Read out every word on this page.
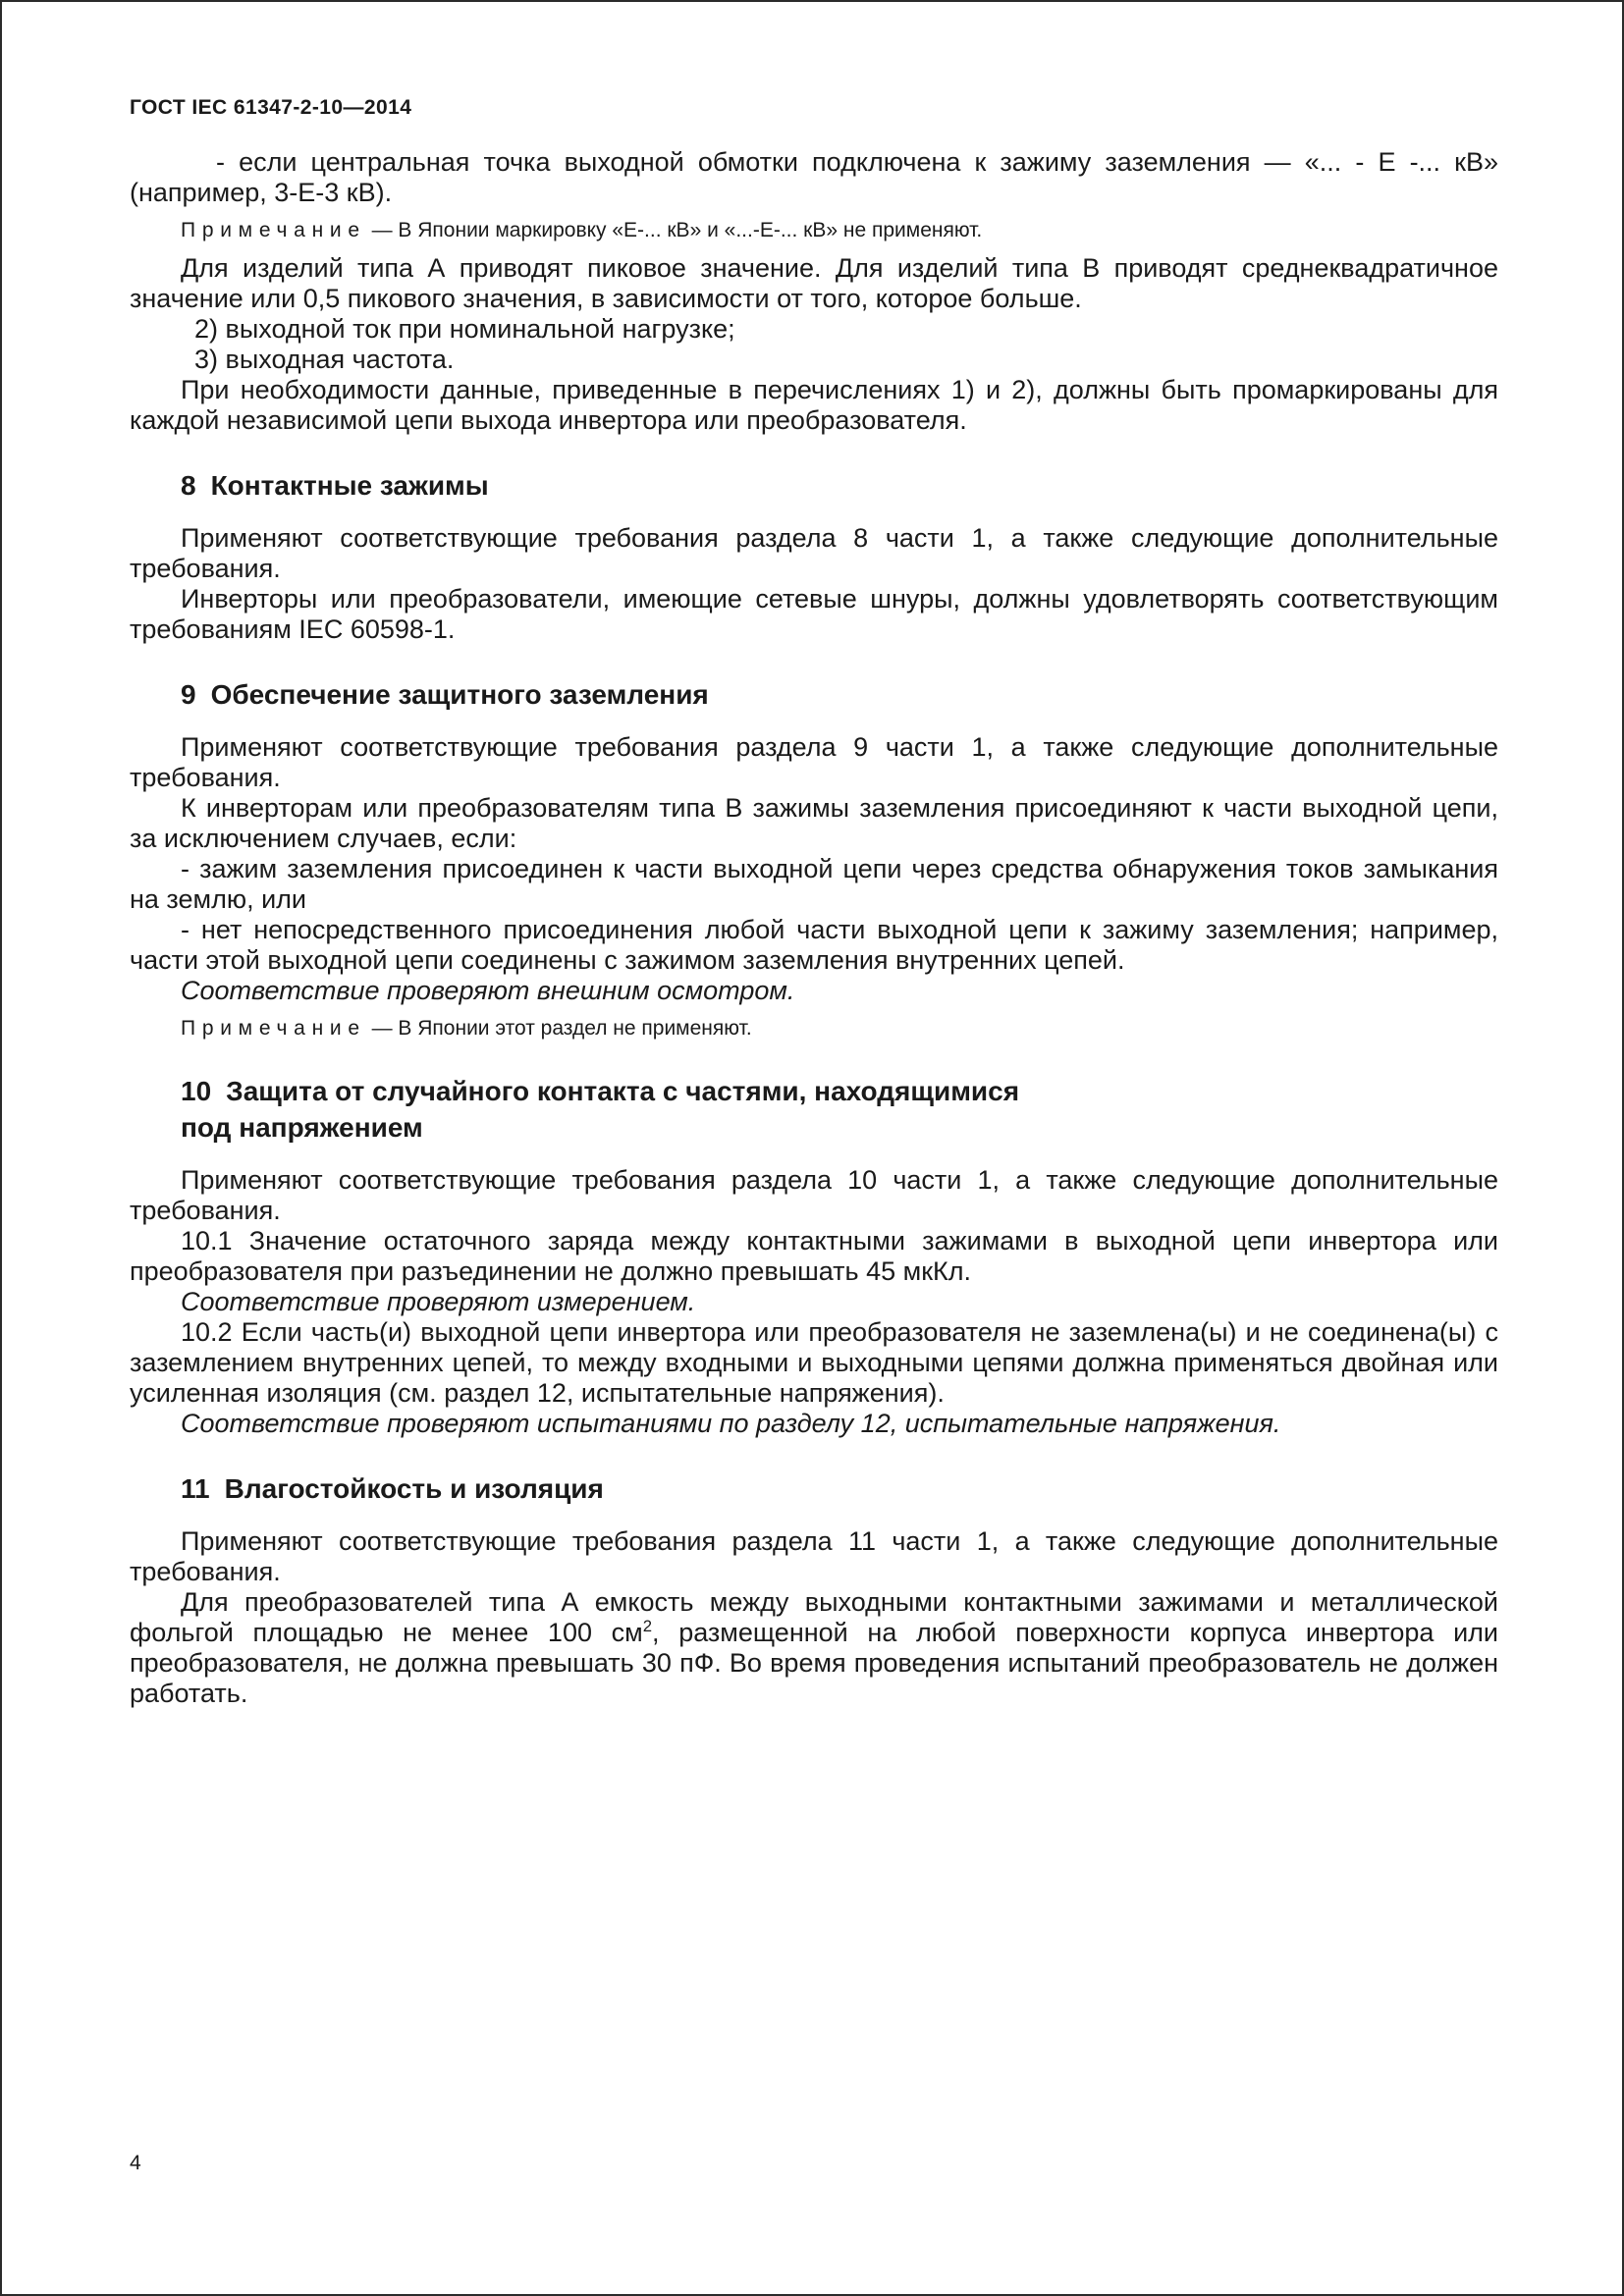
ГОСТ IEC 61347-2-10—2014

- если центральная точка выходной обмотки подключена к зажиму заземления — «... - Е -... кВ» (например, 3-Е-3 кВ).

Примечание — В Японии маркировку «Е-... кВ» и «...-Е-... кВ» не применяют.

Для изделий типа А приводят пиковое значение. Для изделий типа В приводят среднеквадратичное значение или 0,5 пикового значения, в зависимости от того, которое больше.

2) выходной ток при номинальной нагрузке;

3) выходная частота.

При необходимости данные, приведенные в перечислениях 1) и 2), должны быть промаркированы для каждой независимой цепи выхода инвертора или преобразователя.

8 Контактные зажимы

Применяют соответствующие требования раздела 8 части 1, а также следующие дополнительные требования.

Инверторы или преобразователи, имеющие сетевые шнуры, должны удовлетворять соответствующим требованиям IEC 60598-1.

9 Обеспечение защитного заземления

Применяют соответствующие требования раздела 9 части 1, а также следующие дополнительные требования.

К инверторам или преобразователям типа В зажимы заземления присоединяют к части выходной цепи, за исключением случаев, если:

- зажим заземления присоединен к части выходной цепи через средства обнаружения токов замыкания на землю, или

- нет непосредственного присоединения любой части выходной цепи к зажиму заземления; например, части этой выходной цепи соединены с зажимом заземления внутренних цепей.

Соответствие проверяют внешним осмотром.

Примечание — В Японии этот раздел не применяют.

10 Защита от случайного контакта с частями, находящимися
под напряжением

Применяют соответствующие требования раздела 10 части 1, а также следующие дополнительные требования.

10.1 Значение остаточного заряда между контактными зажимами в выходной цепи инвертора или преобразователя при разъединении не должно превышать 45 мкКл.

Соответствие проверяют измерением.

10.2 Если часть(и) выходной цепи инвертора или преобразователя не заземлена(ы) и не соединена(ы) с заземлением внутренних цепей, то между входными и выходными цепями должна применяться двойная или усиленная изоляция (см. раздел 12, испытательные напряжения).

Соответствие проверяют испытаниями по разделу 12, испытательные напряжения.

11 Влагостойкость и изоляция

Применяют соответствующие требования раздела 11 части 1, а также следующие дополнительные требования.

Для преобразователей типа А емкость между выходными контактными зажимами и металлической фольгой площадью не менее 100 $см^2$, размещенной на любой поверхности корпуса инвертора или преобразователя, не должна превышать 30 пФ. Во время проведения испытаний преобразователь не должен работать.

4
